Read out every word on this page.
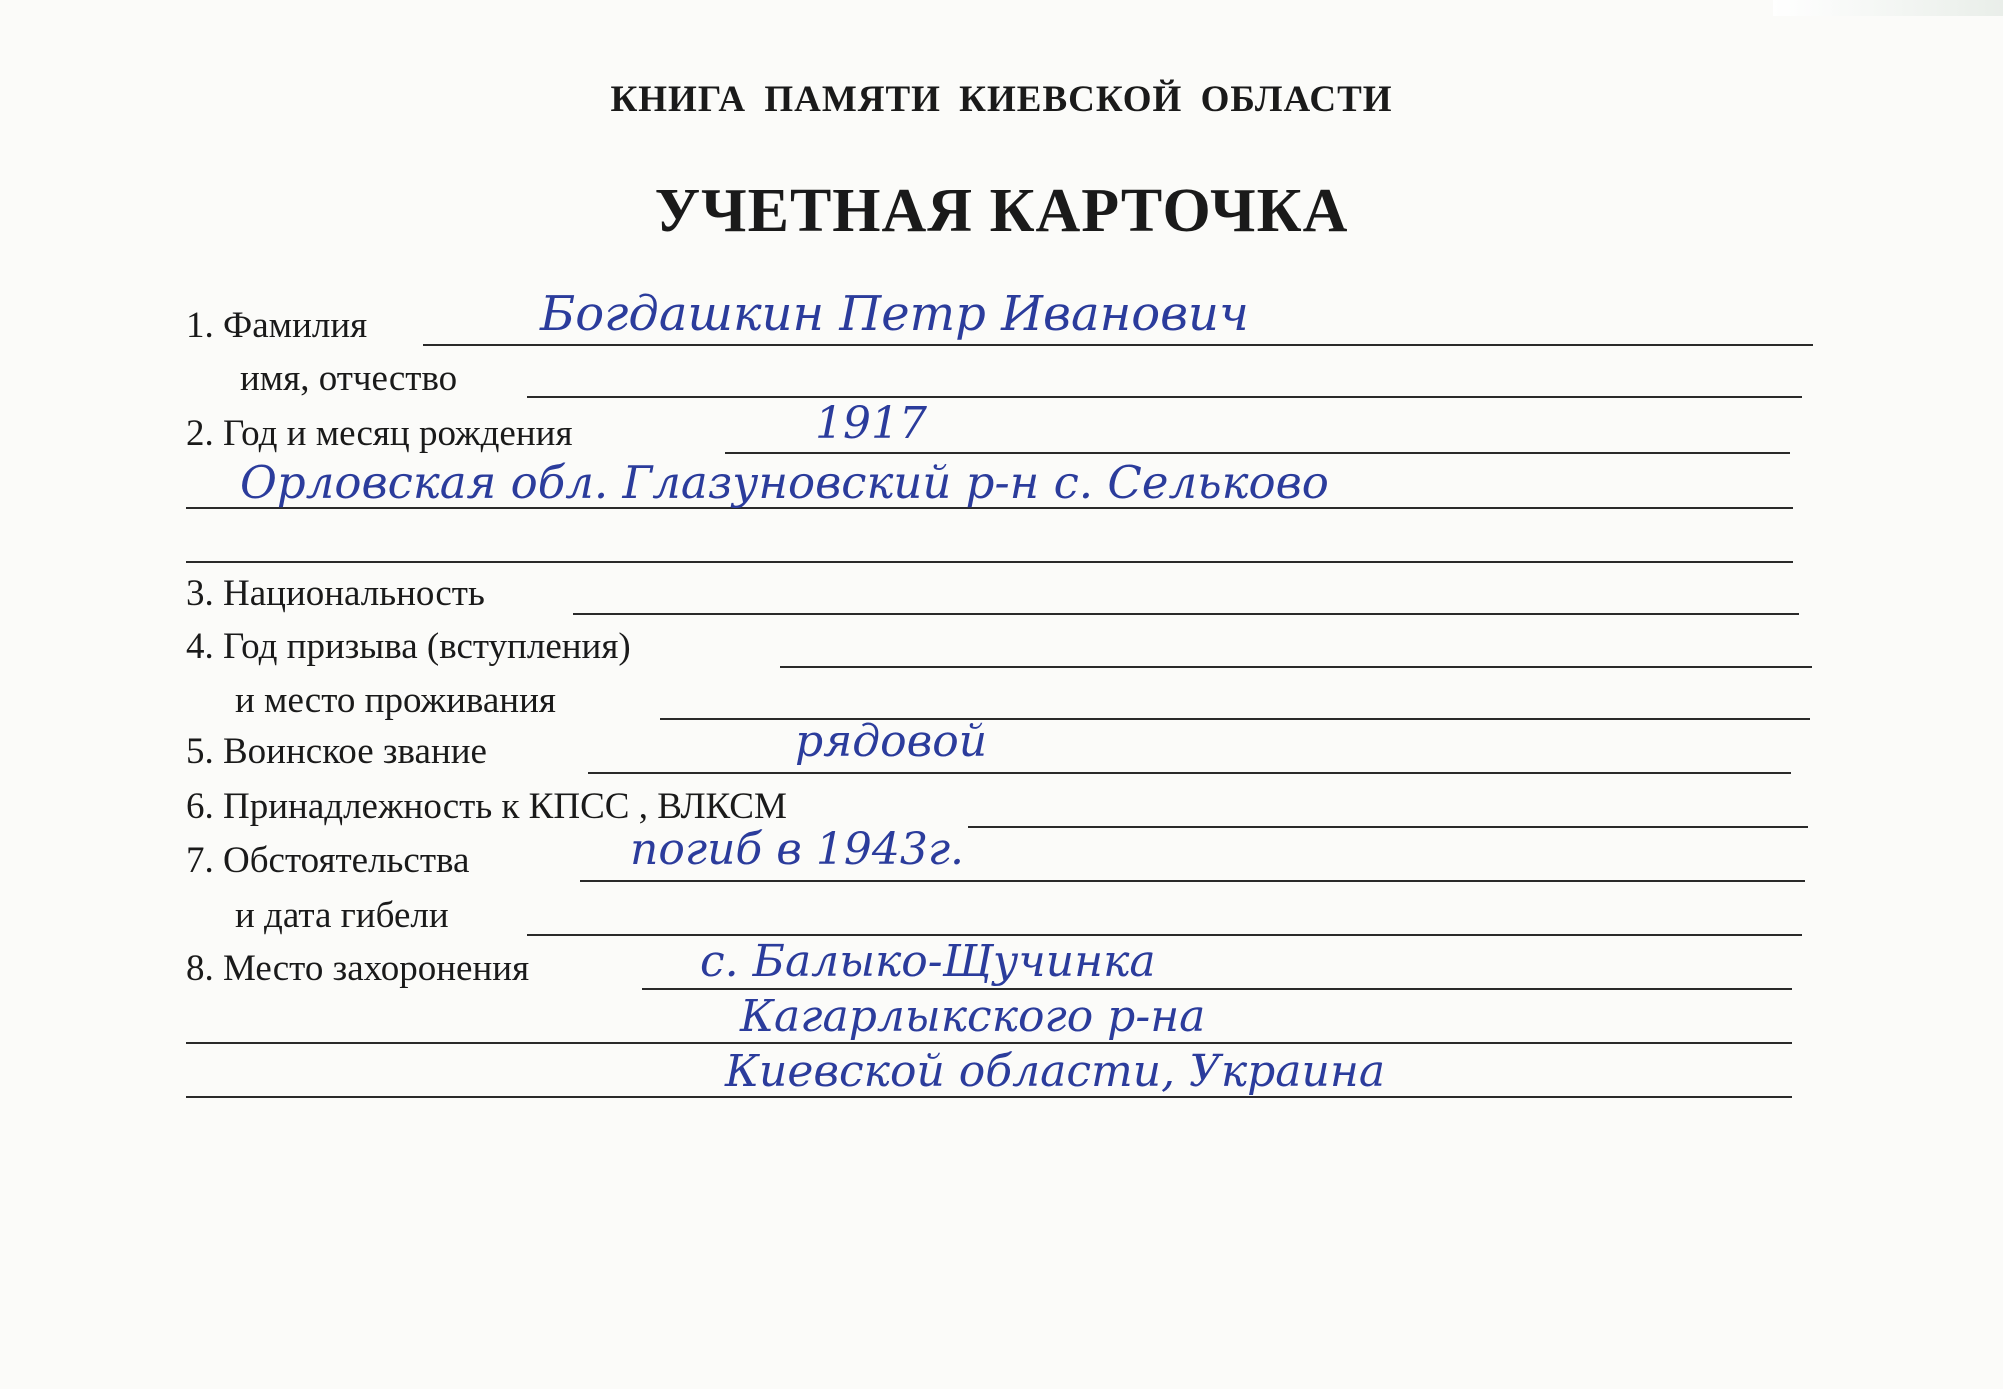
КНИГА ПАМЯТИ КИЕВСКОЙ ОБЛАСТИ
УЧЕТНАЯ КАРТОЧКА
1. Фамилия	Богдашкин Петр Иванович
имя, отчество
2. Год и месяц рождения	1917
Орловская обл. Глазуновский р-н с. Сельково
3. Национальность
4. Год призыва (вступления)
и место проживания
5. Воинское звание	рядовой
6. Принадлежность к КПСС , ВЛКСМ
7. Обстоятельства	погиб в 1943г.
и дата гибели
8. Место захоронения	с. Балыко-Щучинка
Кагарлыкского р-на
Киевской области, Украина
